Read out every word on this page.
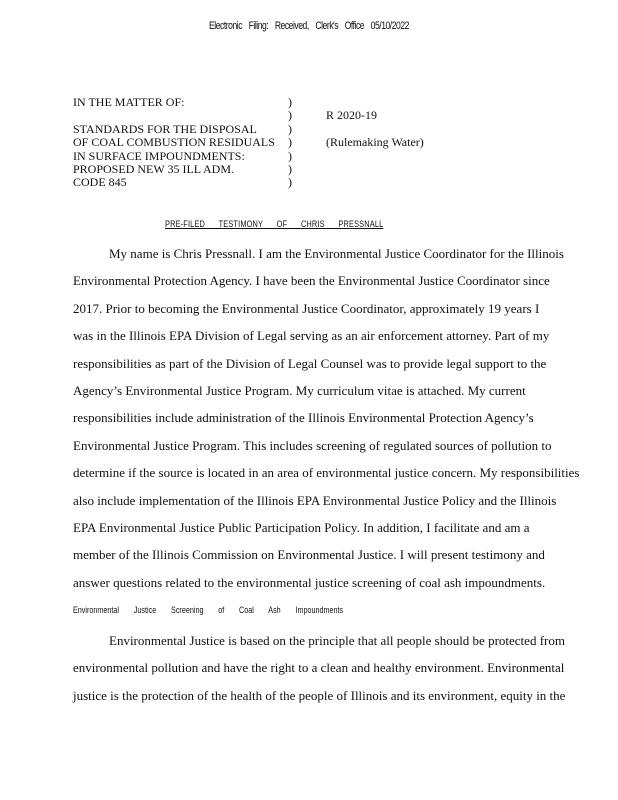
Electronic Filing: Received, Clerk's Office 05/10/2022
IN THE MATTER OF:
STANDARDS FOR THE DISPOSAL
OF COAL COMBUSTION RESIDUALS
IN SURFACE IMPOUNDMENTS:
PROPOSED NEW 35 ILL ADM.
CODE 845
)
)
)
)
)
)
)
R 2020-19
(Rulemaking Water)
PRE-FILED TESTIMONY OF CHRIS PRESSNALL
My name is Chris Pressnall. I am the Environmental Justice Coordinator for the Illinois
Environmental Protection Agency. I have been the Environmental Justice Coordinator since
2017. Prior to becoming the Environmental Justice Coordinator, approximately 19 years I
was in the Illinois EPA Division of Legal serving as an air enforcement attorney. Part of my
responsibilities as part of the Division of Legal Counsel was to provide legal support to the
Agency’s Environmental Justice Program. My curriculum vitae is attached. My current
responsibilities include administration of the Illinois Environmental Protection Agency’s
Environmental Justice Program. This includes screening of regulated sources of pollution to
determine if the source is located in an area of environmental justice concern. My responsibilities
also include implementation of the Illinois EPA Environmental Justice Policy and the Illinois
EPA Environmental Justice Public Participation Policy. In addition, I facilitate and am a
member of the Illinois Commission on Environmental Justice. I will present testimony and
answer questions related to the environmental justice screening of coal ash impoundments.
Environmental Justice Screening of Coal Ash Impoundments
Environmental Justice is based on the principle that all people should be protected from
environmental pollution and have the right to a clean and healthy environment. Environmental
justice is the protection of the health of the people of Illinois and its environment, equity in the
